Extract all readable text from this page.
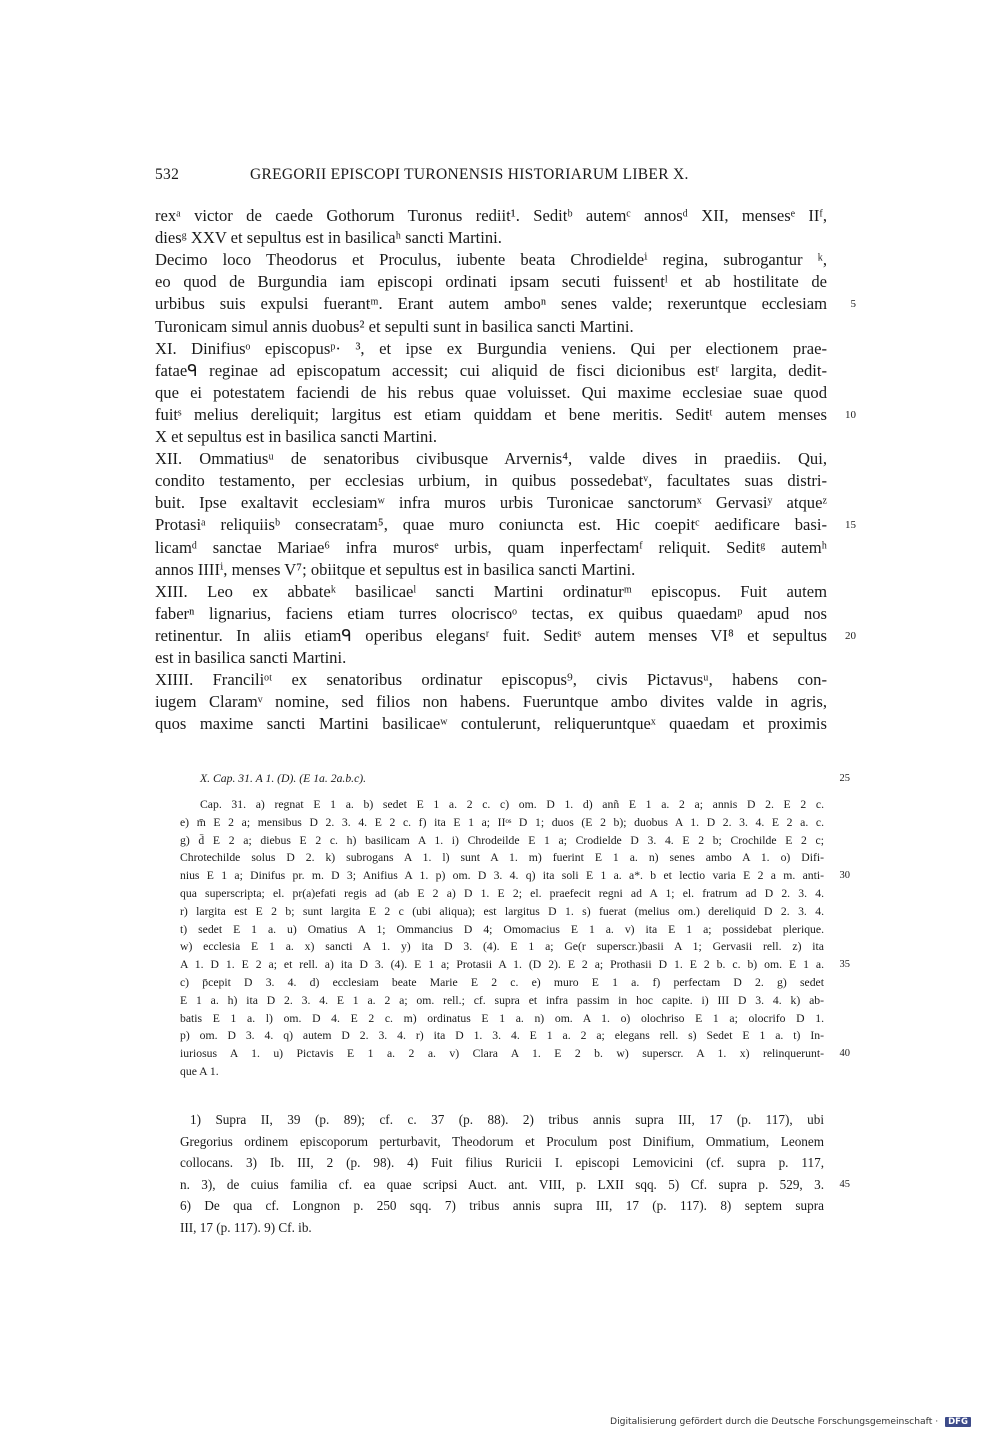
532	GREGORII EPISCOPI TURONENSIS HISTORIARUM LIBER X.
rexᵃ victor de caede Gothorum Turonus rediit¹. Seditᵇ autemᶜ annosᵈ XII, mensesᵉ IIᶠ,
diesᵍ XXV et sepultus est in basilicaʰ sancti Martini.
Decimo loco Theodorus et Proculus, iubente beata Chrodieldeⁱ regina, subrogantur ᵏ,
eo quod de Burgundia iam episcopi ordinati ipsam secuti fuissentˡ et ab hostilitate de
urbibus suis expulsi fuerantᵐ. Erant autem amboⁿ senes valde; rexeruntque ecclesiam	5
Turonicam simul annis duobus² et sepulti sunt in basilica sancti Martini.
XI. Dinifiusᵒ episcopusᵖ· ³, et ipse ex Burgundia veniens. Qui per electionem prae-
fataeᑫ reginae ad episcopatum accessit; cui aliquid de fisci dicionibus estʳ largita, dedit-
que ei potestatem faciendi de his rebus quae voluisset. Qui maxime ecclesiae suae quod
fuitˢ melius dereliquit; largitus est etiam quiddam et bene meritis. Seditᵗ autem menses	10
X et sepultus est in basilica sancti Martini.
XII. Ommatiusᵘ de senatoribus civibusque Arvernis⁴, valde dives in praediis. Qui,
condito testamento, per ecclesias urbium, in quibus possedebatᵛ, facultates suas distri-
buit. Ipse exaltavit ecclesiamʷ infra muros urbis Turonicae sanctorumˣ Gervasiʸ atqueᶻ
Protasiᵃ reliquiisᵇ consecratam⁵, quae muro coniuncta est. Hic coepitᶜ aedificare basi-	15
licamᵈ sanctae Mariae⁶ infra murosᵉ urbis, quam inperfectamᶠ reliquit. Seditᵍ autemʰ
annos IIIIⁱ, menses V⁷; obiitque et sepultus est in basilica sancti Martini.
XIII. Leo ex abbateᵏ basilicaeˡ sancti Martini ordinaturᵐ episcopus. Fuit autem
faberⁿ lignarius, faciens etiam turres olocriscoᵒ tectas, ex quibus quaedamᵖ apud nos
retinentur. In aliis etiamᑫ operibus elegansʳ fuit. Seditˢ autem menses VI⁸ et sepultus	20
est in basilica sancti Martini.
XIIII. Franciliᵒᵗ ex senatoribus ordinatur episcopus⁹, civis Pictavusᵘ, habens con-
iugem Claramᵛ nomine, sed filios non habens. Fueruntque ambo divites valde in agris,
quos maxime sancti Martini basilicaeʷ contulerunt, reliqueruntqueˣ quaedam et proximis
X. Cap. 31. A 1. (D). (E 1a. 2a.b.c).	25
Cap. 31. a) regnat E 1 a. b) sedet E 1 a. 2 c. c) om. D 1. d) anñ E 1 a. 2 a; annis D 2. E 2 c.
e) m̄ E 2 a; mensibus D 2. 3. 4. E 2 c. f) ita E 1 a; IIᵒˢ D 1; duos (E 2 b); duobus A 1. D 2. 3. 4. E 2 a. c.
g) d̄ E 2 a; diebus E 2 c. h) basilicam A 1. i) Chrodeilde E 1 a; Crodielde D 3. 4. E 2 b; Crochilde E 2 c;
Chrotechilde solus D 2. k) subrogans A 1. l) sunt A 1. m) fuerint E 1 a. n) senes ambo A 1. o) Difi-
nius E 1 a; Dinifus pr. m. D 3; Anifius A 1. p) om. D 3. 4. q) ita soli E 1 a. a*. b et lectio varia E 2 a m. anti-	30
qua superscripta; el. pr(a)efati regis ad (ab E 2 a) D 1. E 2; el. praefecit regni ad A 1; el. fratrum ad D 2. 3. 4.
r) largita est E 2 b; sunt largita E 2 c (ubi aliqua); est largitus D 1. s) fuerat (melius om.) dereliquid D 2. 3. 4.
t) sedet E 1 a. u) Omatius A 1; Ommancius D 4; Omomacius E 1 a. v) ita E 1 a; possidebat plerique.
w) ecclesia E 1 a. x) sancti A 1. y) ita D 3. (4). E 1 a; Ge(r superscr.)basii A 1; Gervasii rell. z) ita
A 1. D 1. E 2 a; et rell. a) ita D 3. (4). E 1 a; Protasii A 1. (D 2). E 2 a; Prothasii D 1. E 2 b. c. b) om. E 1 a.	35
c) p̄cepit D 3. 4. d) ecclesiam beate Marie E 2 c. e) muro E 1 a. f) perfectam D 2. g) sedet
E 1 a. h) ita D 2. 3. 4. E 1 a. 2 a; om. rell.; cf. supra et infra passim in hoc capite. i) III D 3. 4. k) ab-
batis E 1 a. l) om. D 4. E 2 c. m) ordinatus E 1 a. n) om. A 1. o) olochriso E 1 a; olocrifo D 1.
p) om. D 3. 4. q) autem D 2. 3. 4. r) ita D 1. 3. 4. E 1 a. 2 a; elegans rell. s) Sedet E 1 a. t) In-
iuriosus A 1. u) Pictavis E 1 a. 2 a. v) Clara A 1. E 2 b. w) superscr. A 1. x) relinquerunt-	40
que A 1.
1) Supra II, 39 (p. 89); cf. c. 37 (p. 88). 2) tribus annis supra III, 17 (p. 117), ubi
Gregorius ordinem episcoporum perturbavit, Theodorum et Proculum post Dinifium, Ommatium, Leonem
collocans. 3) Ib. III, 2 (p. 98). 4) Fuit filius Ruricii I. episcopi Lemovicini (cf. supra p. 117,
n. 3), de cuius familia cf. ea quae scripsi Auct. ant. VIII, p. LXII sqq. 5) Cf. supra p. 529, 3.	45
6) De qua cf. Longnon p. 250 sqq. 7) tribus annis supra III, 17 (p. 117). 8) septem supra
III, 17 (p. 117). 9) Cf. ib.
Digitalisierung gefördert durch die Deutsche Forschungsgemeinschaft · DFG
